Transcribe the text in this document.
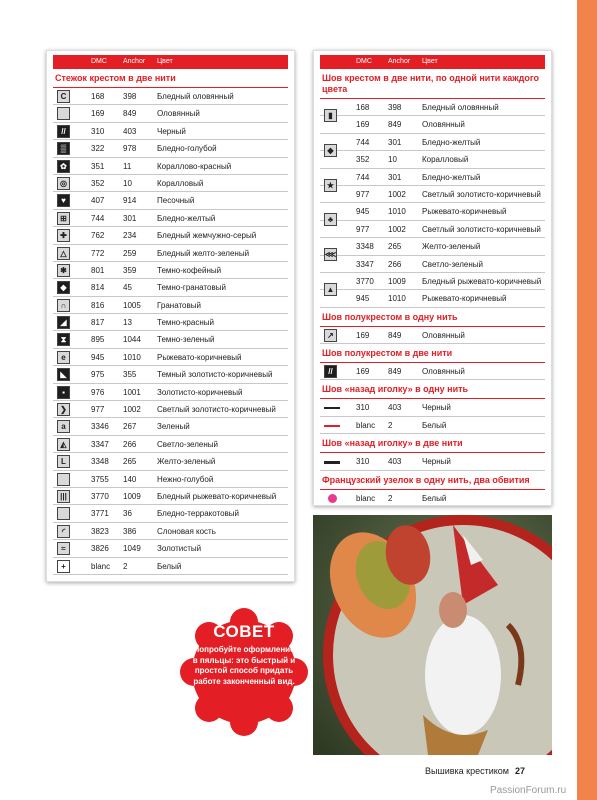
DMC Anchor Цвет
Стежок крестом в две нити
C	168 398	Бледный оловянный
169 849	Оловянный
//	310 403	Черный
▒	322 978	Бледно-голубой
✿	351 11	Кораллово-красный
◎	352 10	Коралловый
♥	407 914	Песочный
⊞	744 301	Бледно-желтый
✚	762 234	Бледный жемчужно-серый
△	772 259	Бледный желто-зеленый
✱	801 359	Темно-кофейный
◆	814 45	Темно-гранатовый
∩	816 1005 Гранатовый
◢	817 13	Темно-красный
⧗	895 1044 Темно-зеленый
e	945 1010 Рыжевато-коричневый
◣	975 355	Темный золотисто-коричневый
▪	976 1001 Золотисто-коричневый
❯	977 1002 Светлый золотисто-коричневый
a	3346 267	Зеленый
◭	3347 266	Светло-зеленый
L	3348 265	Желто-зеленый
3755 140	Нежно-голубой
|||	3770 1009 Бледный рыжевато-коричневый
3771 36	Бледно-терракотовый
◜	3823 386	Слоновая кость
≈	3826 1049 Золотистый
+	blanc 2	Белый
DMC Anchor Цвет
Шов крестом в две нити, по одной нити каждого цвета
▮
168 398	Бледный оловянный
169 849	Оловянный
◆
744 301	Бледно-желтый
352 10	Коралловый
★
744 301	Бледно-желтый
977 1002 Светлый золотисто-коричневый
♣
945 1010 Рыжевато-коричневый
977 1002 Светлый золотисто-коричневый
⋘
3348 265	Желто-зеленый
3347 266	Светло-зеленый
▲
3770 1009 Бледный рыжевато-коричневый
945 1010 Рыжевато-коричневый
Шов полукрестом в одну нить
↗	169 849	Оловянный
Шов полукрестом в две нити
//	169 849	Оловянный
Шов «назад иголку» в одну нить
310 403	Черный
blanc 2	Белый
Шов «назад иголку» в две нити
310 403	Черный
Французский узелок в одну нить, два обвития
blanc 2	Белый
СОВЕТ
Попробуйте оформление в пяльцы: это быстрый и простой способ придать работе законченный вид.
Вышивка крестиком 27
PassionForum.ru
